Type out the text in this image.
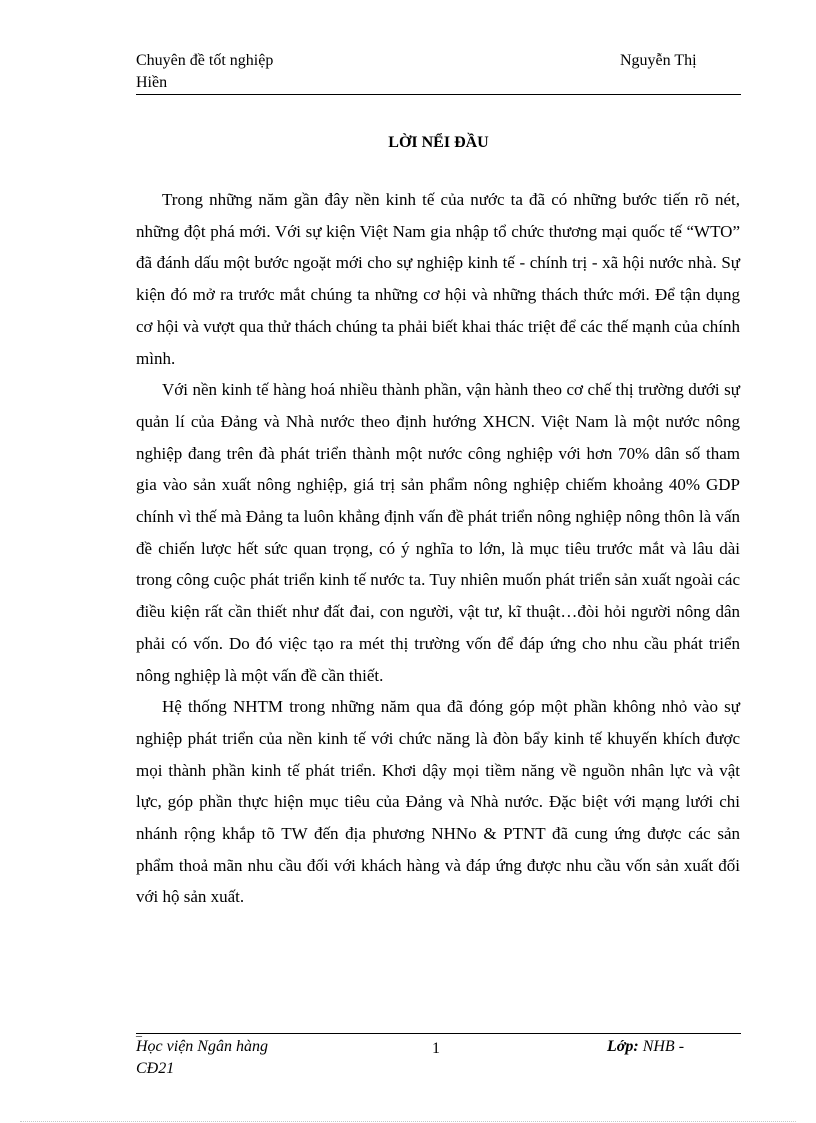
Chuyên đề tốt nghiệp
Hiền
Nguyễn Thị
LỜI NỂI ĐẦU

Trong những năm gần đây nền kinh tế của nước ta đã có những bước tiến rõ nét, những đột phá mới. Với sự kiện Việt Nam gia nhập tổ chức thương mại quốc tế “WTO” đã đánh dấu một bước ngoặt mới cho sự nghiệp kinh tế - chính trị - xã hội nước nhà. Sự kiện đó mở ra trước mắt chúng ta những cơ hội và những thách thức mới. Để tận dụng cơ hội và vượt qua thử thách chúng ta phải biết khai thác triệt để các thế mạnh của chính mình.

Với nền kinh tế hàng hoá nhiều thành phần, vận hành theo cơ chế thị trường dưới sự quản lí của Đảng và Nhà nước theo định hướng XHCN. Việt Nam là một nước nông nghiệp đang trên đà phát triển thành một nước công nghiệp với hơn 70% dân số tham gia vào sản xuất nông nghiệp, giá trị sản phẩm nông nghiệp chiếm khoảng 40% GDP chính vì thế mà Đảng ta luôn khẳng định vấn đề phát triển nông nghiệp nông thôn là vấn đề chiến lược hết sức quan trọng, có ý nghĩa to lớn, là mục tiêu trước mắt và lâu dài trong công cuộc phát triển kinh tế nước ta. Tuy nhiên muốn phát triển sản xuất ngoài các điều kiện rất cần thiết như đất đai, con người, vật tư, kĩ thuật…đòi hỏi người nông dân phải có vốn. Do đó việc tạo ra mét thị trường vốn để đáp ứng cho nhu cầu phát triển nông nghiệp là một vấn đề cần thiết.

Hệ thống NHTM trong những năm qua đã đóng góp một phần không nhỏ vào sự nghiệp phát triển của nền kinh tế với chức năng là đòn bẩy kinh tế khuyến khích được mọi thành phần kinh tế phát triển. Khơi dậy mọi tiềm năng về nguồn nhân lực và vật lực, góp phần thực hiện mục tiêu của Đảng và Nhà nước. Đặc biệt với mạng lưới chi nhánh rộng khắp tõ TW đến địa phương NHNo & PTNT đã cung ứng được các sản phẩm thoả mãn nhu cầu đối với khách hàng và đáp ứng được nhu cầu vốn sản xuất đối với hộ sản xuất.

_
Học viện Ngân hàng
CĐ21
1	Lớp: NHB -
